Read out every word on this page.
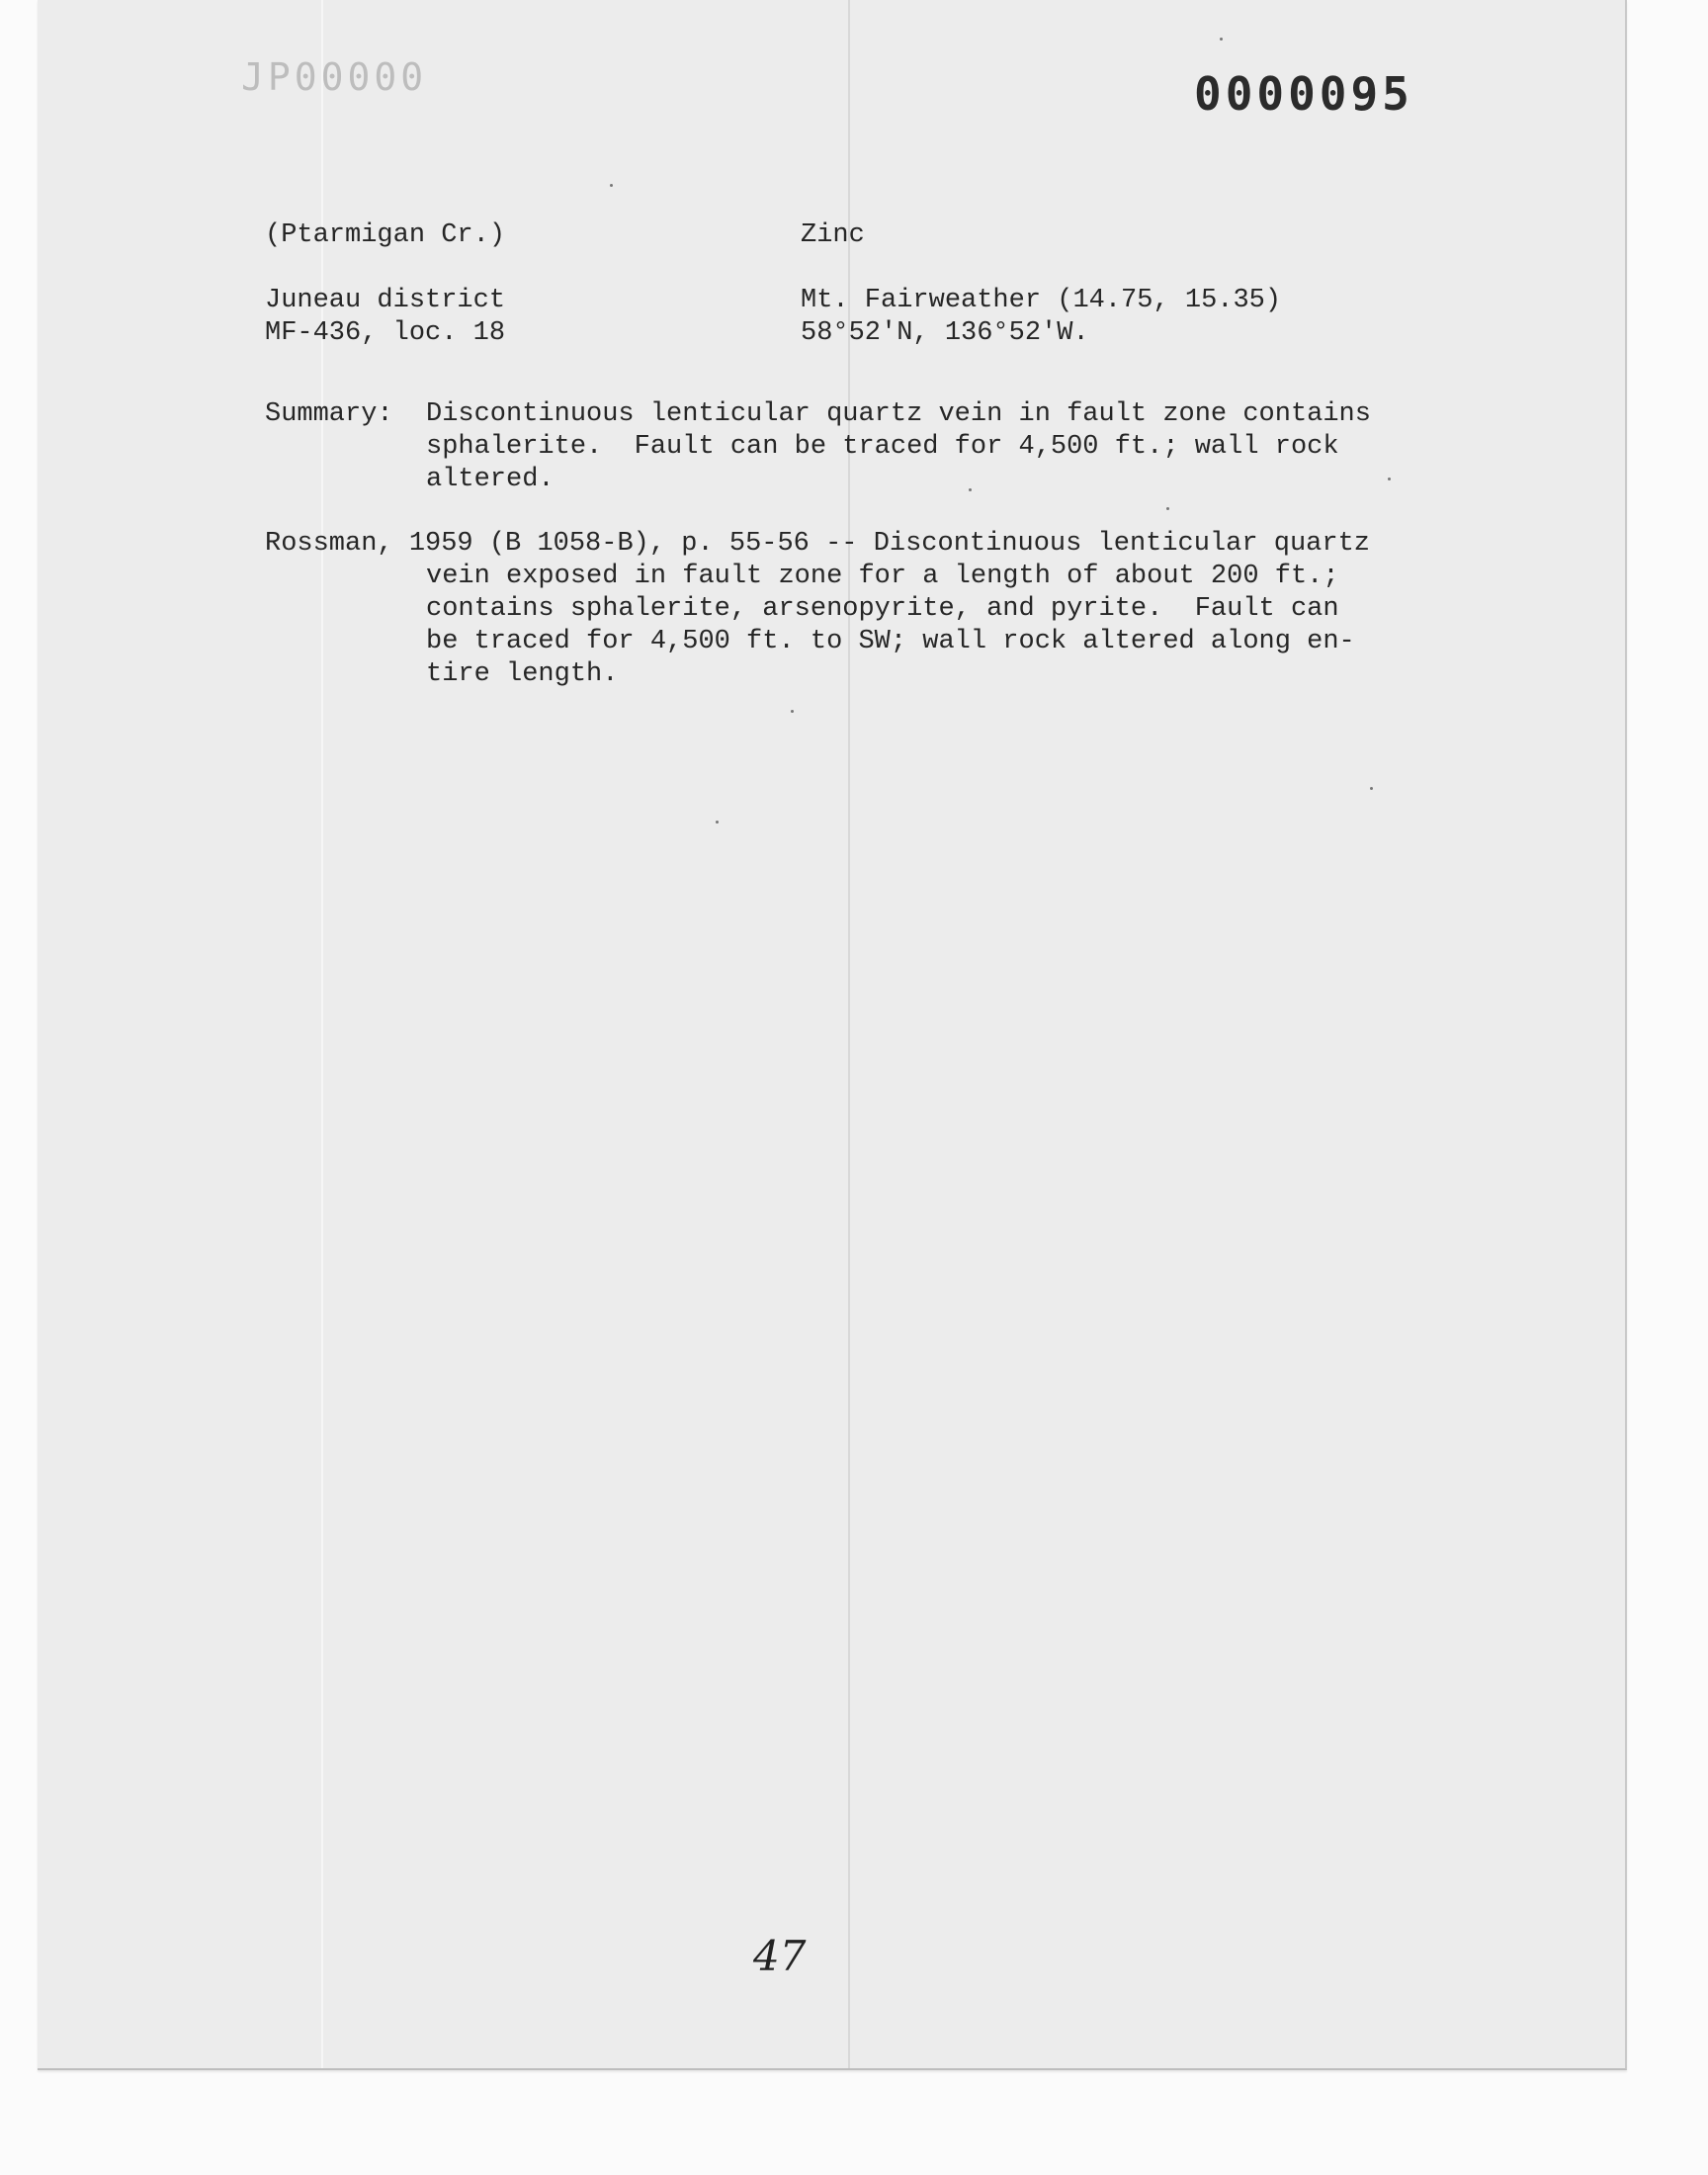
JP00000	0000095
(Ptarmigan Cr.)	Zinc
Juneau district
MF-436, loc. 18
Mt. Fairweather (14.75, 15.35)
58°52'N, 136°52'W.
Summary: Discontinuous lenticular quartz vein in fault zone contains
sphalerite.  Fault can be traced for 4,500 ft.; wall rock
altered.
Rossman, 1959 (B 1058-B), p. 55-56 -- Discontinuous lenticular quartz
vein exposed in fault zone for a length of about 200 ft.;
contains sphalerite, arsenopyrite, and pyrite.  Fault can
be traced for 4,500 ft. to SW; wall rock altered along en-
tire length.
47
